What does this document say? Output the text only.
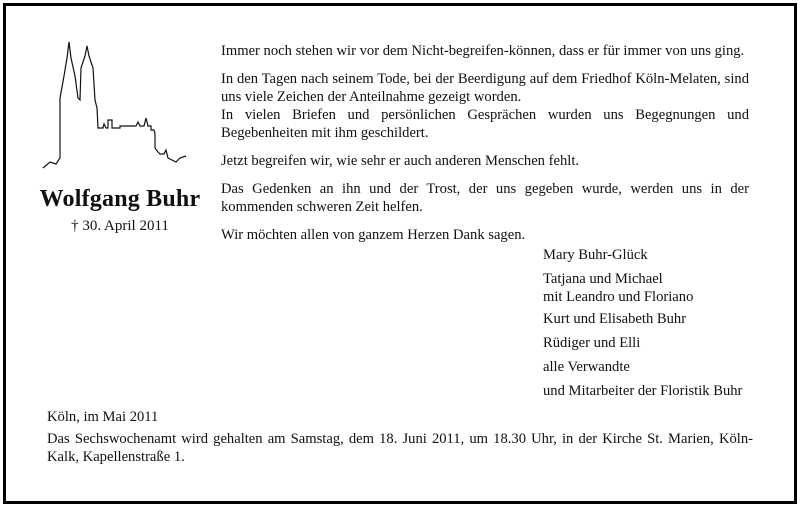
Wolfgang Buhr
† 30. April 2011

Immer noch stehen wir vor dem Nicht-begreifen-können, dass er für immer von uns ging.

In den Tagen nach seinem Tode, bei der Beerdigung auf dem Friedhof Köln-Melaten, sind uns viele Zeichen der Anteilnahme gezeigt worden.

In vielen Briefen und persönlichen Gesprächen wurden uns Begegnungen und Begebenheiten mit ihm geschildert.

Jetzt begreifen wir, wie sehr er auch anderen Menschen fehlt.

Das Gedenken an ihn und der Trost, der uns gegeben wurde, werden uns in der kommenden schweren Zeit helfen.

Wir möchten allen von ganzem Herzen Dank sagen.

Mary Buhr-Glück
Tatjana und Michael
mit Leandro und Floriano
Kurt und Elisabeth Buhr
Rüdiger und Elli
alle Verwandte
und Mitarbeiter der Floristik Buhr
Köln, im Mai 2011
Das Sechswochenamt wird gehalten am Samstag, dem 18. Juni 2011, um 18.30 Uhr, in der Kirche St. Marien, Köln-Kalk, Kapellenstraße 1.
